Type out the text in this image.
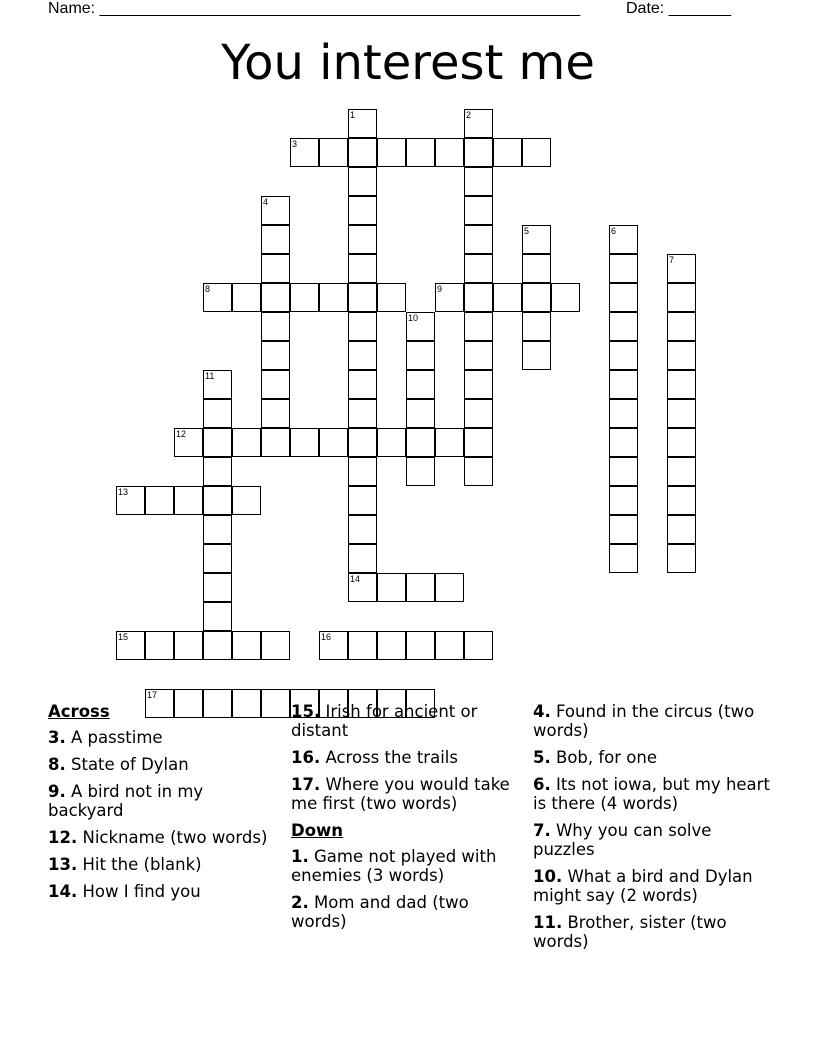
Name: ______________________________________________________	Date: _______
You interest me
3
8	9
12
13
14
15	16
17
1	2
4
5	6
7
10
11
Across
3. A passtime
8. State of Dylan
9. A bird not in my backyard
12. Nickname (two words)
13. Hit the (blank)
14. How I find you
15. Irish for ancient or distant
16. Across the trails
17. Where you would take me first (two words)
Down
1. Game not played with enemies (3 words)
2. Mom and dad (two words)
4. Found in the circus (two words)
5. Bob, for one
6. Its not iowa, but my heart is there (4 words)
7. Why you can solve puzzles
10. What a bird and Dylan might say (2 words)
11. Brother, sister (two words)
